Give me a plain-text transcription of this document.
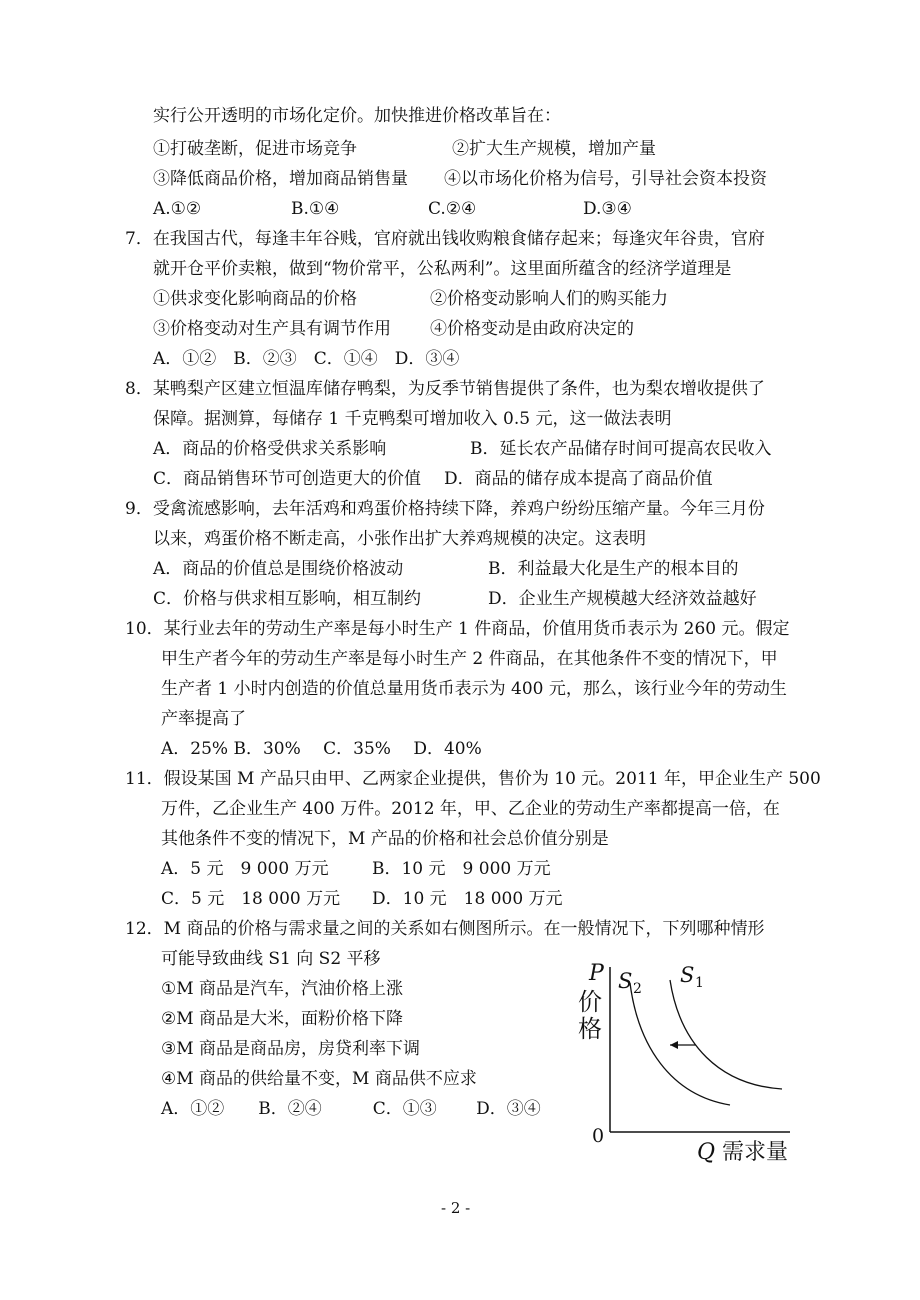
实行公开透明的市场化定价。加快推进价格改革旨在：
①打破垄断，促进市场竞争	②扩大生产规模，增加产量
③降低商品价格，增加商品销售量 ④以市场化价格为信号，引导社会资本投资
A.①②	B.①④	C.②④	D.③④
7．在我国古代，每逢丰年谷贱，官府就出钱收购粮食储存起来；每逢灾年谷贵，官府
就开仓平价卖粮，做到“物价常平，公私两利”。这里面所蕴含的经济学道理是
①供求变化影响商品的价格	②价格变动影响人们的购买能力
③价格变动对生产具有调节作用 ④价格变动是由政府决定的
A．①②　B．②③　C．①④　D．③④
8．某鸭梨产区建立恒温库储存鸭梨，为反季节销售提供了条件，也为梨农增收提供了
保障。据测算，每储存 1 千克鸭梨可增加收入 0.5 元，这一做法表明
A．商品的价格受供求关系影响	B．延长农产品储存时间可提高农民收入
C．商品销售环节可创造更大的价值 D．商品的储存成本提高了商品价值
9．受禽流感影响，去年活鸡和鸡蛋价格持续下降，养鸡户纷纷压缩产量。今年三月份
以来，鸡蛋价格不断走高，小张作出扩大养鸡规模的决定。这表明
A．商品的价值总是围绕价格波动	B．利益最大化是生产的根本目的
C．价格与供求相互影响，相互制约	D．企业生产规模越大经济效益越好
10．某行业去年的劳动生产率是每小时生产 1 件商品，价值用货币表示为 260 元。假定
甲生产者今年的劳动生产率是每小时生产 2 件商品，在其他条件不变的情况下，甲
生产者 1 小时内创造的价值总量用货币表示为 400 元，那么，该行业今年的劳动生
产率提高了
A．25% B．30%　 C．35%　 D．40%
11．假设某国 M 产品只由甲、乙两家企业提供，售价为 10 元。2011 年，甲企业生产 500
万件，乙企业生产 400 万件。2012 年，甲、乙企业的劳动生产率都提高一倍，在
其他条件不变的情况下，M 产品的价格和社会总价值分别是
A．5 元　9 000 万元	B．10 元　9 000 万元
C．5 元　18 000 万元 D．10 元　18 000 万元
12．M 商品的价格与需求量之间的关系如右侧图所示。在一般情况下，下列哪种情形
可能导致曲线 S1 向 S2 平移
①M 商品是汽车，汽油价格上涨
②M 商品是大米，面粉价格下降
③M 商品是商品房，房贷利率下调
④M 商品的供给量不变，M 商品供不应求
A．①②　　B．②④　　　C．①③　　 D．③④
P
价
格
S 2
S 1
0
Q 需求量
- 2 -
